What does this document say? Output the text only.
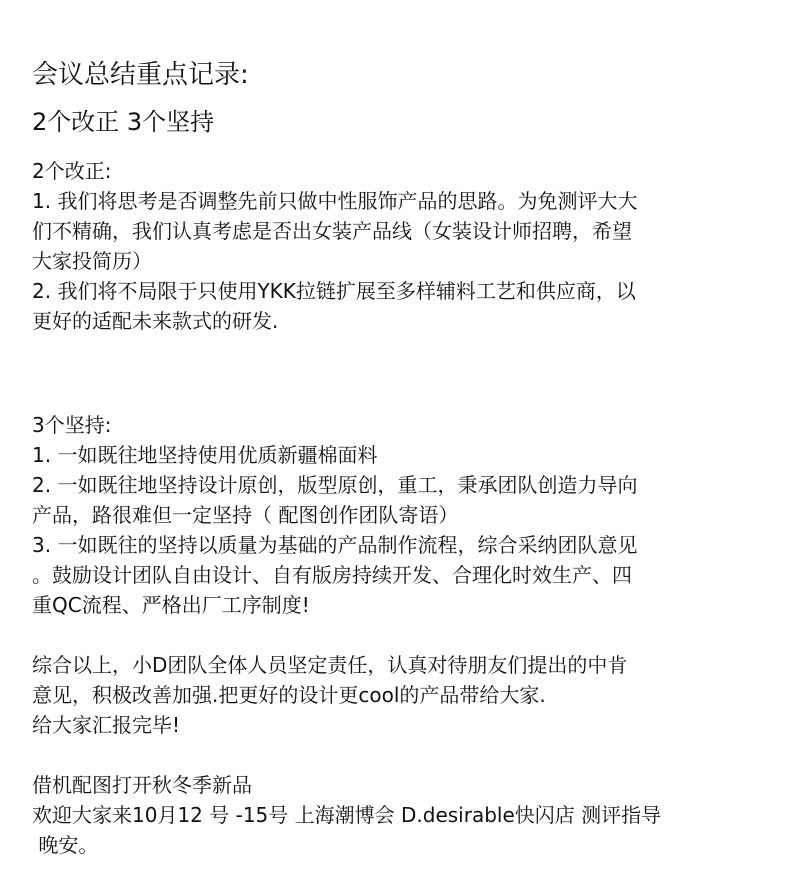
会议总结重点记录:
2个改正 3个坚持

2个改正:

1. 我们将思考是否调整先前只做中性服饰产品的思路。为免测评大大

们不精确，我们认真考虑是否出女装产品线（女装设计师招聘，希望

大家投简历）

2. 我们将不局限于只使用YKK拉链扩展至多样辅料工艺和供应商，以

更好的适配未来款式的研发.

3个坚持:

1. 一如既往地坚持使用优质新疆棉面料

2. 一如既往地坚持设计原创，版型原创，重工，秉承团队创造力导向

产品，路很难但一定坚持（ 配图创作团队寄语）

3. 一如既往的坚持以质量为基础的产品制作流程，综合采纳团队意见

。鼓励设计团队自由设计、自有版房持续开发、合理化时效生产、四

重QC流程、严格出厂工序制度!

综合以上，小D团队全体人员坚定责任，认真对待朋友们提出的中肯

意见，积极改善加强.把更好的设计更cool的产品带给大家.

给大家汇报完毕!

借机配图打开秋冬季新品

欢迎大家来10月12 号 -15号 上海潮博会 D.desirable快闪店 测评指导

晚安。
